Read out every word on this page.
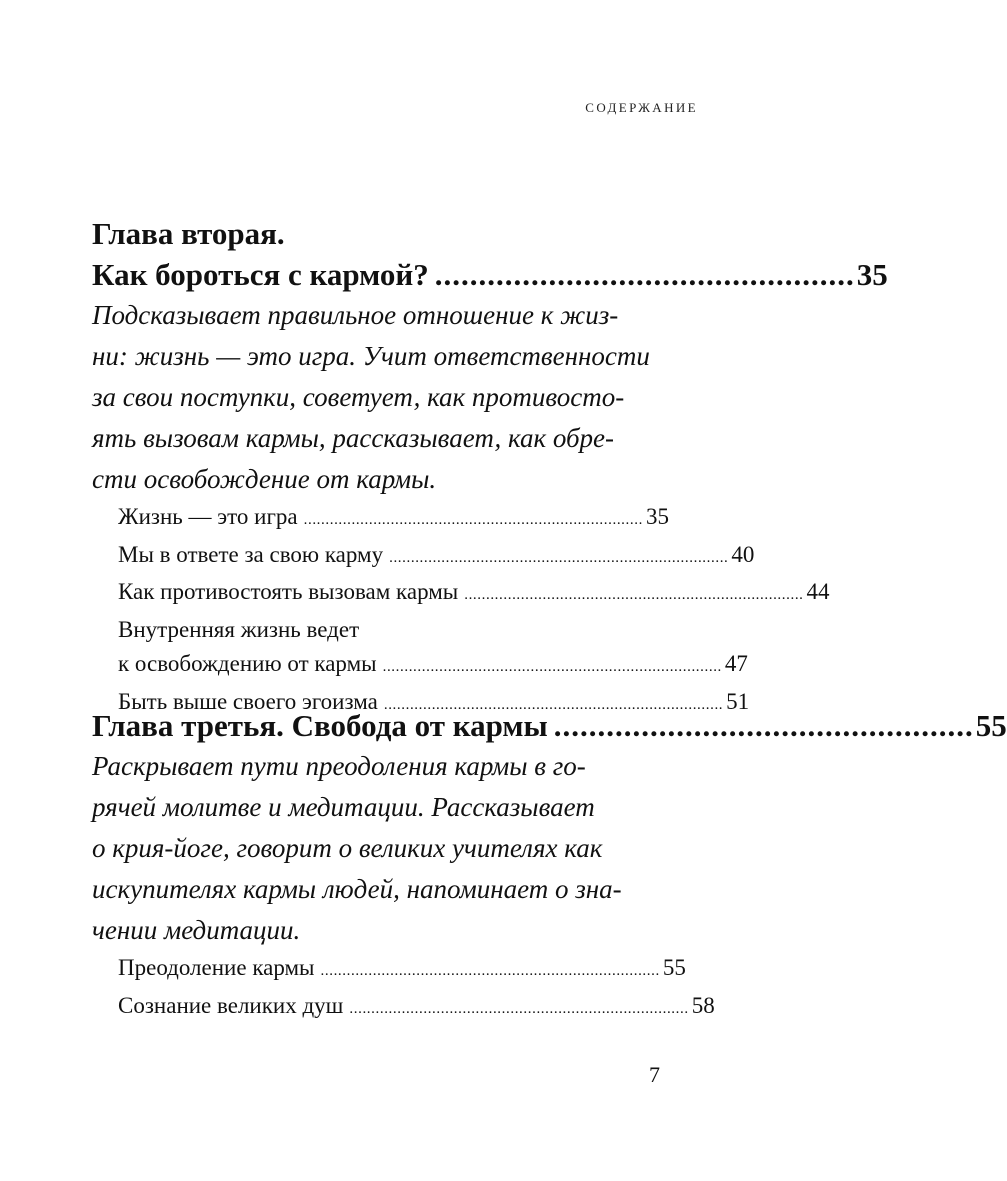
СОДЕРЖАНИЕ
Глава вторая.
Как бороться с кармой? ................................................ 35

Подсказывает правильное отношение к жиз-
ни: жизнь — это игра. Учит ответственности
за свои поступки, советует, как противосто-
ять вызовам кармы, рассказывает, как обре-
сти освобождение от кармы.

Жизнь — это игра .............................................................................. 35
Мы в ответе за свою карму .............................................................................. 40
Как противостоять вызовам кармы .............................................................................. 44
Внутренняя жизнь ведет
к освобождению от кармы .............................................................................. 47
Быть выше своего эгоизма .............................................................................. 51
Глава третья. Свобода от кармы ................................................ 55

Раскрывает пути преодоления кармы в го-
рячей молитве и медитации. Рассказывает
о крия-йоге, говорит о великих учителях как
искупителях кармы людей, напоминает о зна-
чении медитации.

Преодоление кармы .............................................................................. 55
Сознание великих душ .............................................................................. 58
7
